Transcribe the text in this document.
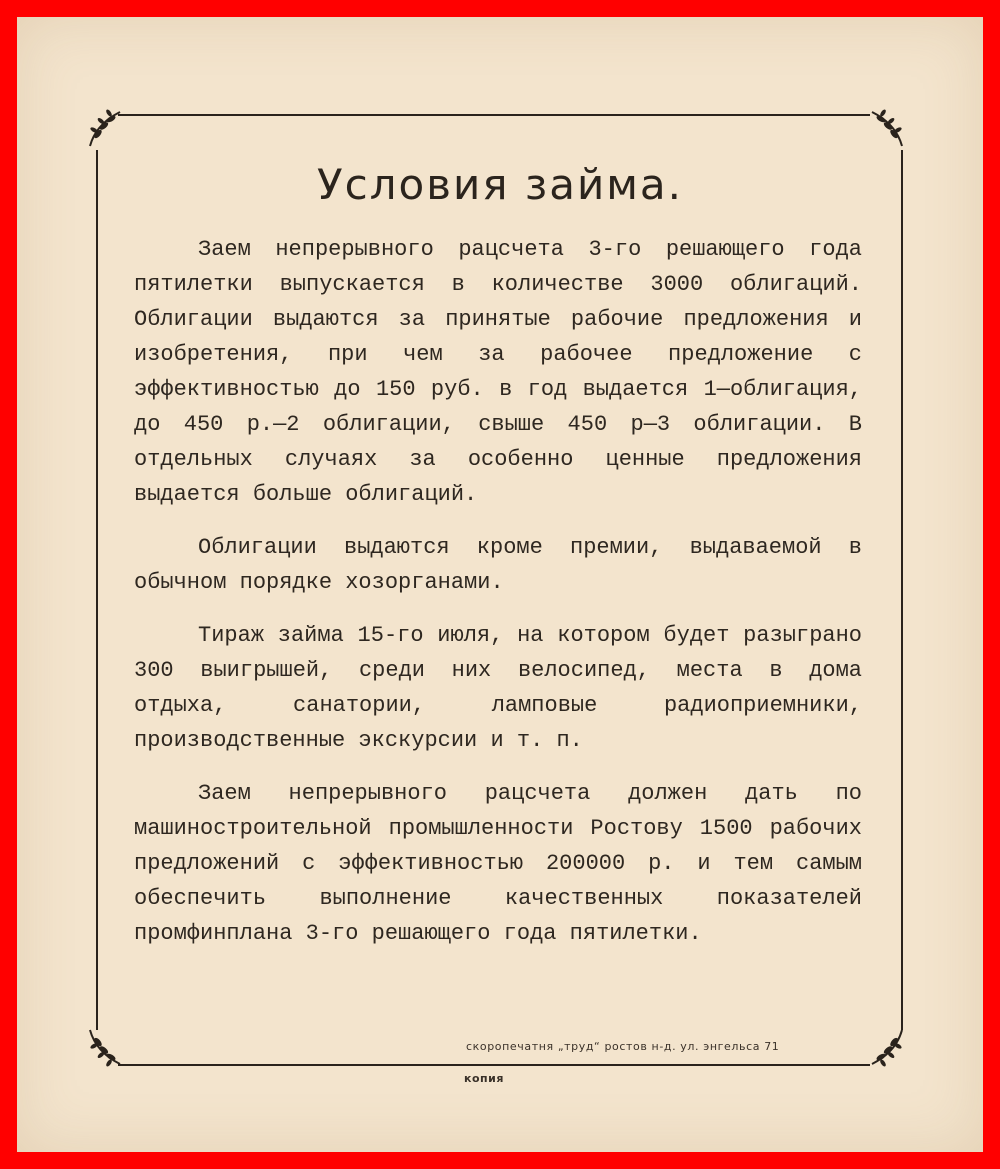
Условия займа.

Заем непрерывного рацсчета 3-го решающего года пятилетки выпускается в количестве 3000 облигаций. Облигации выдаются за принятые рабочие предложения и изобретения, при чем за рабочее предложение с эффективностью до 150 руб. в год выдается 1—облигация, до 450 р.—2 облигации, свыше 450 р—3 облигации. В отдельных случаях за особенно ценные предложения выдается больше облигаций.

Облигации выдаются кроме премии, выдаваемой в обычном порядке хозорганами.

Тираж займа 15-го июля, на котором будет разыграно 300 выигрышей, среди них велосипед, места в дома отдыха, санатории, ламповые радиоприемники, производственные экскурсии и т. п.

Заем непрерывного рацсчета должен дать по машиностроительной промышленности Ростову 1500 рабочих предложений с эффективностью 200000 р. и тем самым обеспечить выполнение качественных показателей промфинплана 3-го решающего года пятилетки.

скоропечатня „труд“ ростов н-д. ул. энгельса 71
копия
